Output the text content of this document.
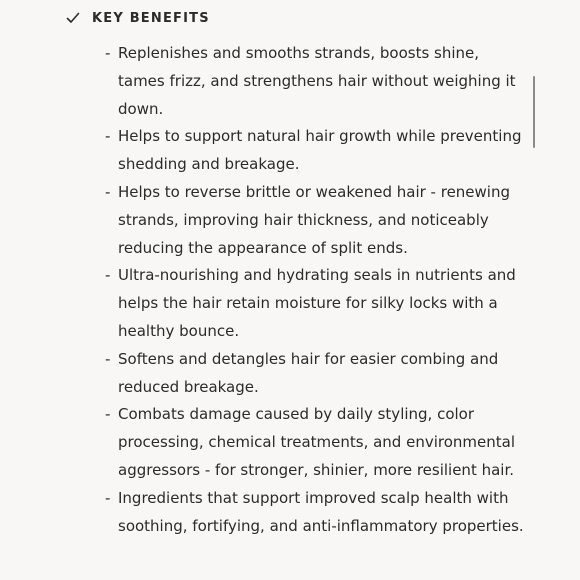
KEY BENEFITS
- Replenishes and smooths strands, boosts shine, tames frizz, and strengthens hair without weighing it down.
- Helps to support natural hair growth while preventing shedding and breakage.
- Helps to reverse brittle or weakened hair - renewing strands, improving hair thickness, and noticeably reducing the appearance of split ends.
- Ultra-nourishing and hydrating seals in nutrients and helps the hair retain moisture for silky locks with a healthy bounce.
- Softens and detangles hair for easier combing and reduced breakage.
- Combats damage caused by daily styling, color processing, chemical treatments, and environmental aggressors - for stronger, shinier, more resilient hair.
- Ingredients that support improved scalp health with soothing, fortifying, and anti-inflammatory properties.
